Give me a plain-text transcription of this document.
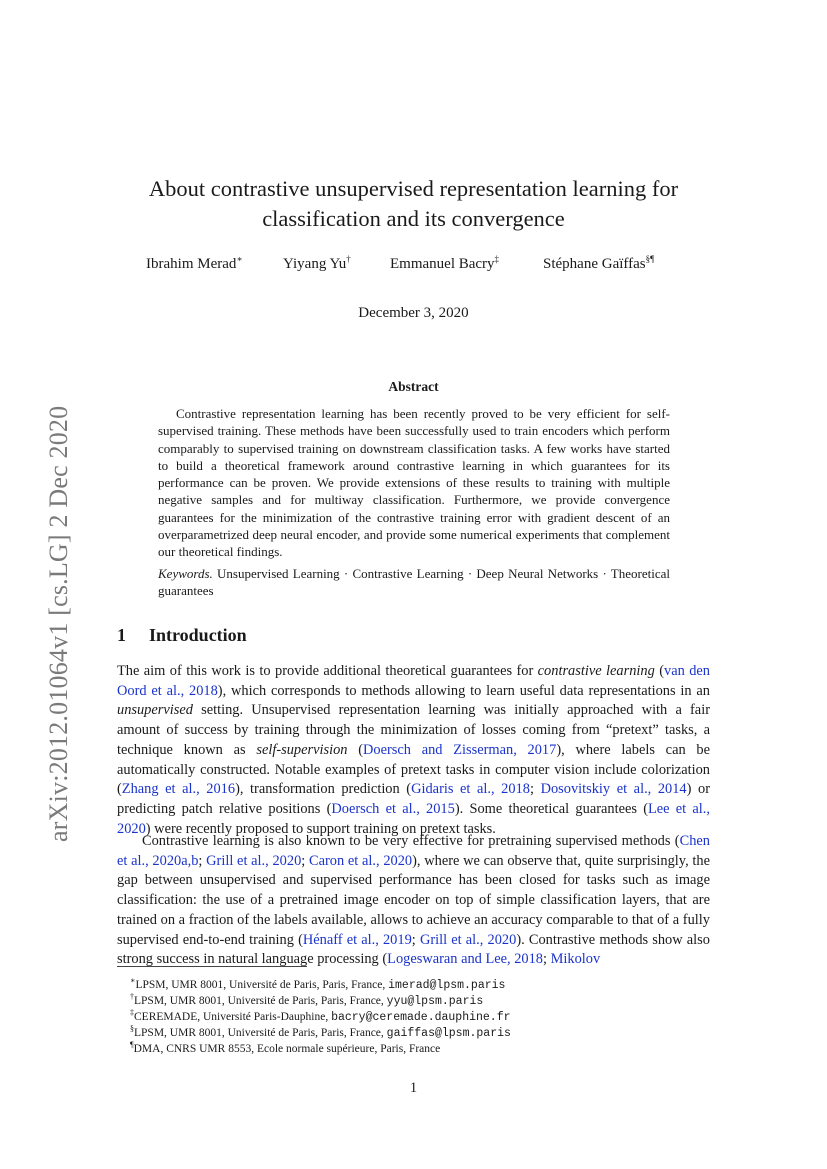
arXiv:2012.01064v1 [cs.LG] 2 Dec 2020
About contrastive unsupervised representation learning for classification and its convergence
Ibrahim Merad∗	Yiyang Yu†	Emmanuel Bacry‡	Stéphane Gaïffas§¶
December 3, 2020
Abstract

Contrastive representation learning has been recently proved to be very efficient for self-supervised training. These methods have been successfully used to train encoders which perform comparably to supervised training on downstream classification tasks. A few works have started to build a theoretical framework around contrastive learning in which guarantees for its performance can be proven. We provide extensions of these results to training with multiple negative samples and for multiway classification. Furthermore, we provide convergence guarantees for the minimization of the contrastive training error with gradient descent of an overparametrized deep neural encoder, and provide some numerical experiments that complement our theoretical findings.

Keywords. Unsupervised Learning · Contrastive Learning · Deep Neural Networks · Theoretical guarantees

1 Introduction

The aim of this work is to provide additional theoretical guarantees for contrastive learning (van den Oord et al., 2018), which corresponds to methods allowing to learn useful data representations in an unsupervised setting. Unsupervised representation learning was initially approached with a fair amount of success by training through the minimization of losses coming from “pretext” tasks, a technique known as self-supervision (Doersch and Zisserman, 2017), where labels can be automatically constructed. Notable examples of pretext tasks in computer vision include colorization (Zhang et al., 2016), transformation prediction (Gidaris et al., 2018; Dosovitskiy et al., 2014) or predicting patch relative positions (Doersch et al., 2015). Some theoretical guarantees (Lee et al., 2020) were recently proposed to support training on pretext tasks.

Contrastive learning is also known to be very effective for pretraining supervised methods (Chen et al., 2020a,b; Grill et al., 2020; Caron et al., 2020), where we can observe that, quite surprisingly, the gap between unsupervised and supervised performance has been closed for tasks such as image classification: the use of a pretrained image encoder on top of simple classification layers, that are trained on a fraction of the labels available, allows to achieve an accuracy comparable to that of a fully supervised end-to-end training (Hénaff et al., 2019; Grill et al., 2020). Contrastive methods show also strong success in natural language processing (Logeswaran and Lee, 2018; Mikolov

∗LPSM, UMR 8001, Université de Paris, Paris, France, imerad@lpsm.paris
†LPSM, UMR 8001, Université de Paris, Paris, France, yyu@lpsm.paris
‡CEREMADE, Université Paris-Dauphine, bacry@ceremade.dauphine.fr
§LPSM, UMR 8001, Université de Paris, Paris, France, gaiffas@lpsm.paris
¶DMA, CNRS UMR 8553, Ecole normale supérieure, Paris, France
1
